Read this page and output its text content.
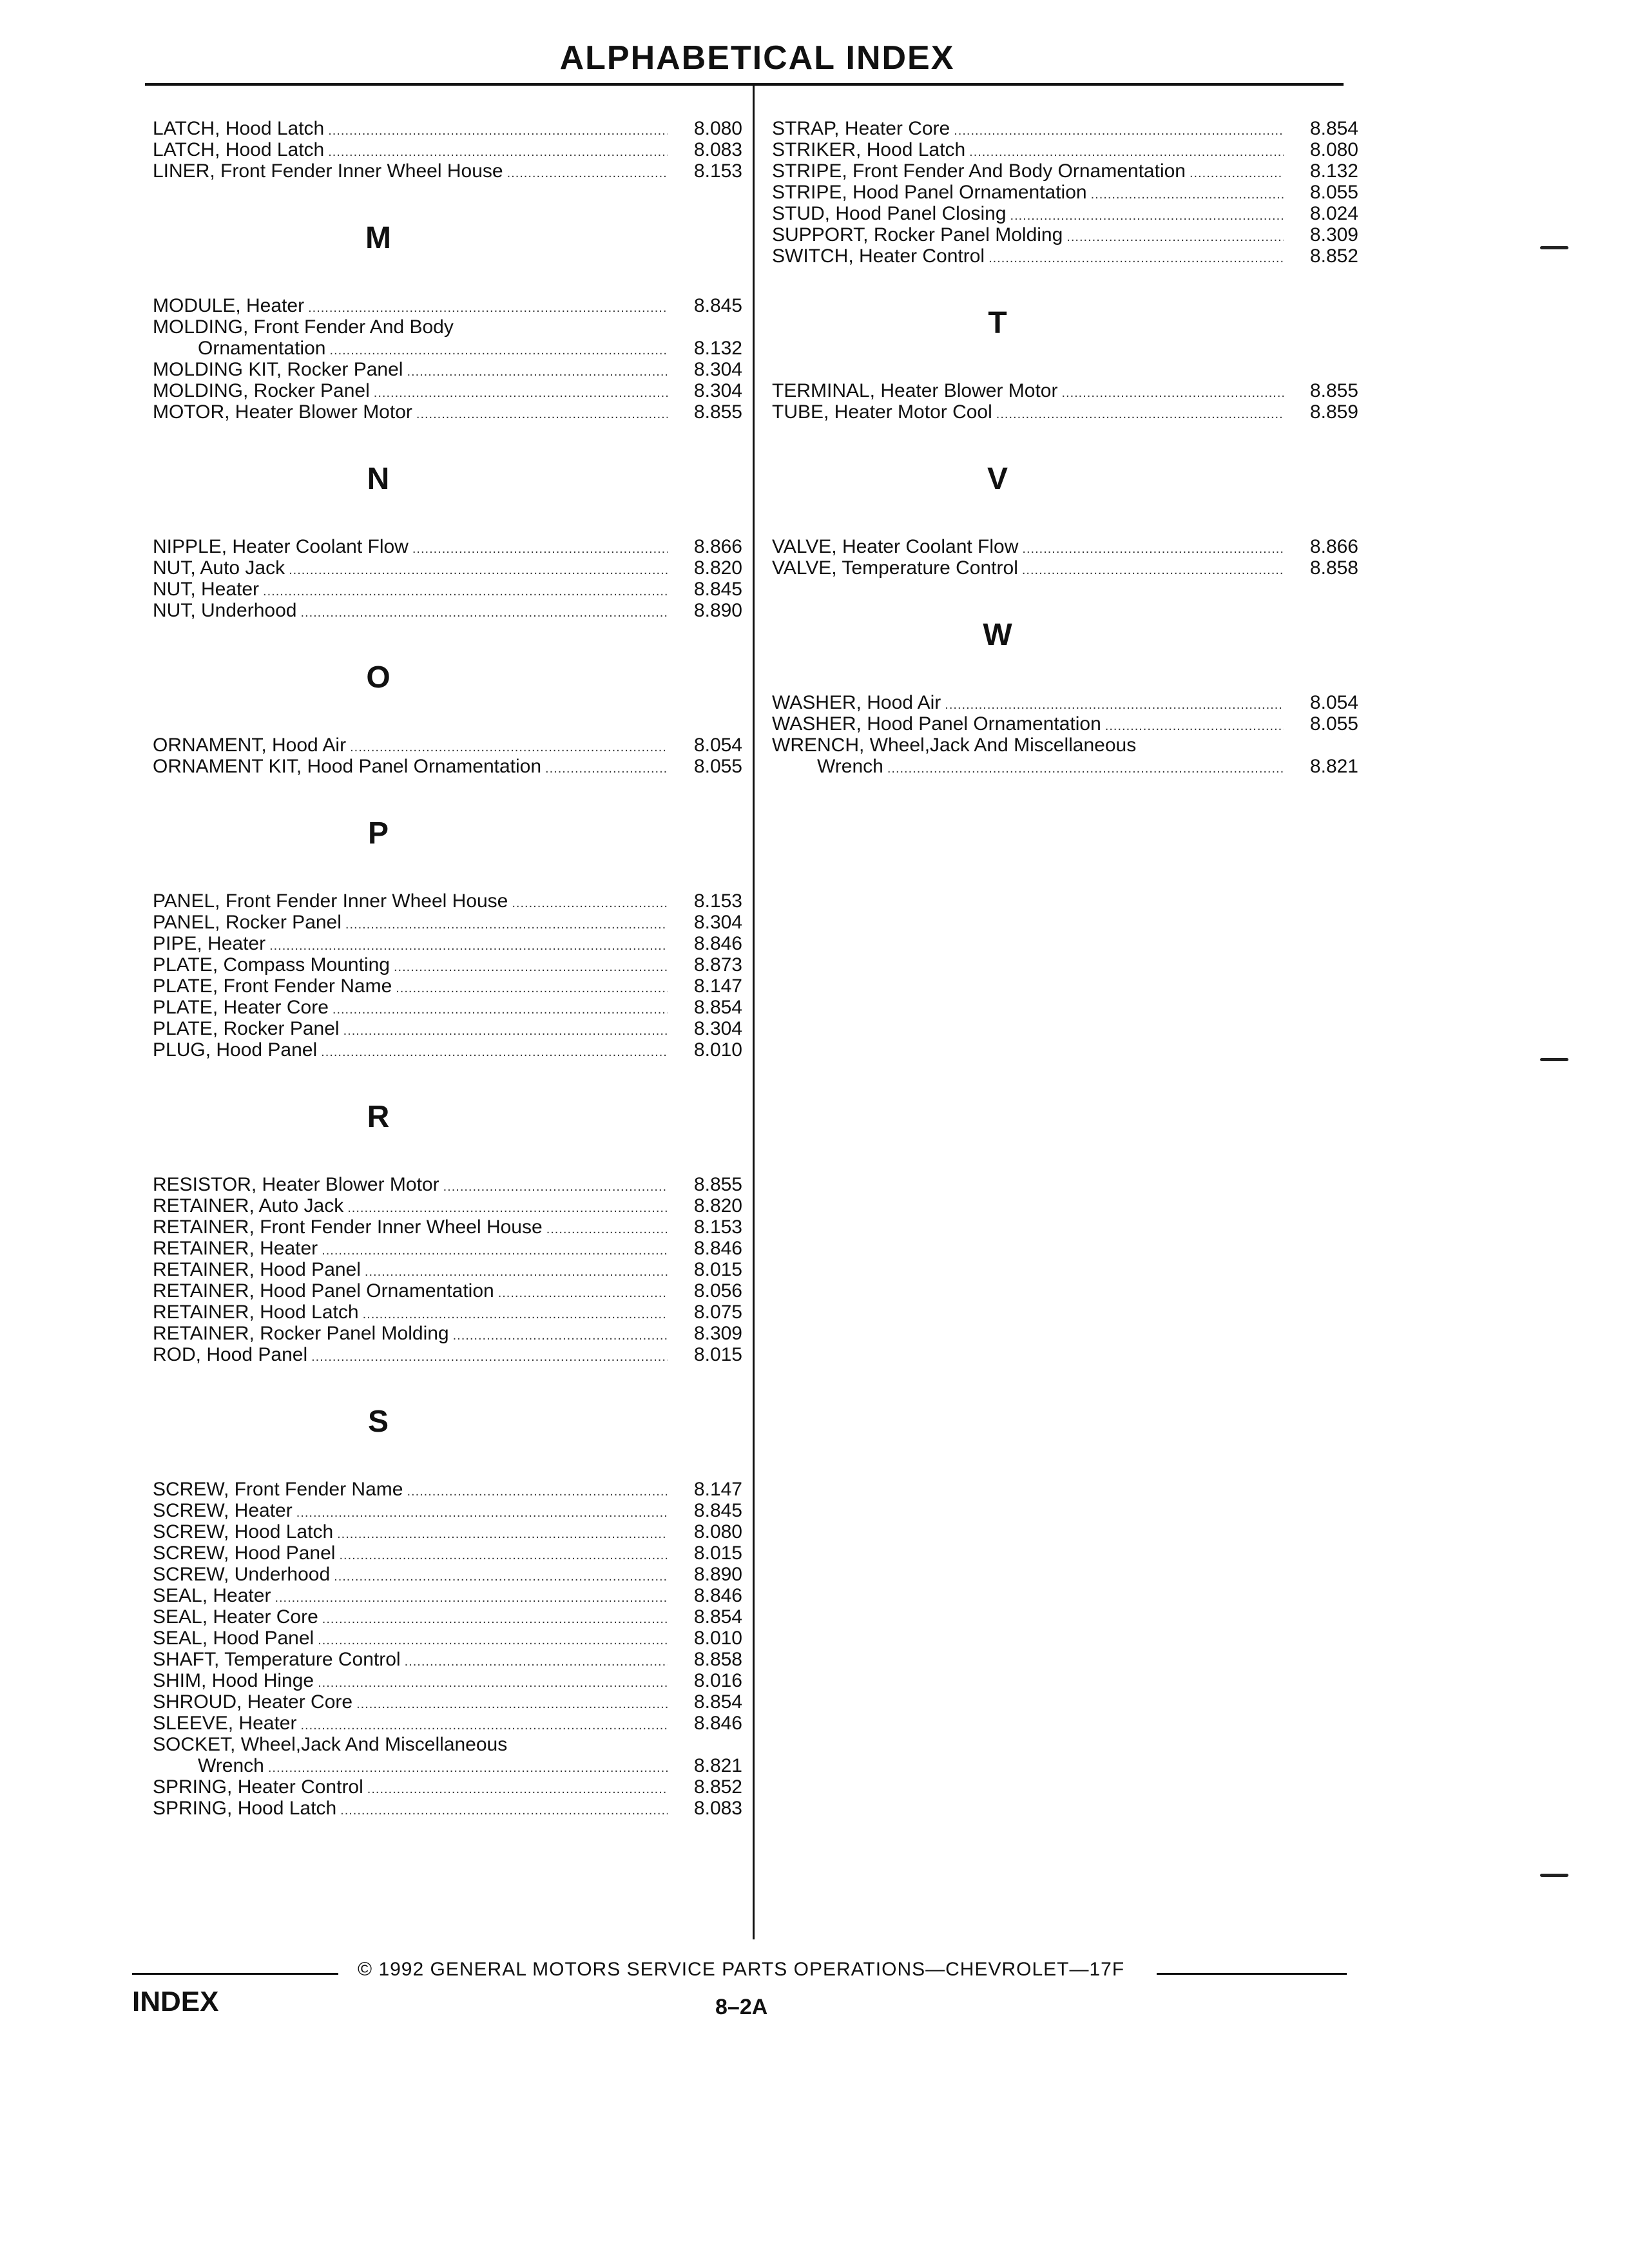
ALPHABETICAL INDEX
LATCH, Hood Latch .....	8.080
LATCH, Hood Latch .....	8.083
LINER, Front Fender Inner Wheel House .....	8.153
M
MODULE, Heater .....	8.845
MOLDING, Front Fender And Body
Ornamentation .....	8.132
MOLDING KIT, Rocker Panel .....	8.304
MOLDING, Rocker Panel .....	8.304
MOTOR, Heater Blower Motor .....	8.855
N
NIPPLE, Heater Coolant Flow .....	8.866
NUT, Auto Jack .....	8.820
NUT, Heater .....	8.845
NUT, Underhood .....	8.890
O
ORNAMENT, Hood Air .....	8.054
ORNAMENT KIT, Hood Panel Ornamentation .....	8.055
P
PANEL, Front Fender Inner Wheel House .....	8.153
PANEL, Rocker Panel .....	8.304
PIPE, Heater .....	8.846
PLATE, Compass Mounting .....	8.873
PLATE, Front Fender Name .....	8.147
PLATE, Heater Core .....	8.854
PLATE, Rocker Panel .....	8.304
PLUG, Hood Panel .....	8.010
R
RESISTOR, Heater Blower Motor .....	8.855
RETAINER, Auto Jack .....	8.820
RETAINER, Front Fender Inner Wheel House .....	8.153
RETAINER, Heater .....	8.846
RETAINER, Hood Panel .....	8.015
RETAINER, Hood Panel Ornamentation .....	8.056
RETAINER, Hood Latch .....	8.075
RETAINER, Rocker Panel Molding .....	8.309
ROD, Hood Panel .....	8.015
S
SCREW, Front Fender Name .....	8.147
SCREW, Heater .....	8.845
SCREW, Hood Latch .....	8.080
SCREW, Hood Panel .....	8.015
SCREW, Underhood .....	8.890
SEAL, Heater .....	8.846
SEAL, Heater Core .....	8.854
SEAL, Hood Panel .....	8.010
SHAFT, Temperature Control .....	8.858
SHIM, Hood Hinge .....	8.016
SHROUD, Heater Core .....	8.854
SLEEVE, Heater .....	8.846
SOCKET, Wheel,Jack And Miscellaneous
Wrench .....	8.821
SPRING, Heater Control .....	8.852
SPRING, Hood Latch .....	8.083
STRAP, Heater Core .....	8.854
STRIKER, Hood Latch .....	8.080
STRIPE, Front Fender And Body Ornamentation .....	8.132
STRIPE, Hood Panel Ornamentation .....	8.055
STUD, Hood Panel Closing .....	8.024
SUPPORT, Rocker Panel Molding .....	8.309
SWITCH, Heater Control .....	8.852
T
TERMINAL, Heater Blower Motor .....	8.855
TUBE, Heater Motor Cool .....	8.859
V
VALVE, Heater Coolant Flow .....	8.866
VALVE, Temperature Control .....	8.858
W
WASHER, Hood Air .....	8.054
WASHER, Hood Panel Ornamentation .....	8.055
WRENCH, Wheel,Jack And Miscellaneous
Wrench .....	8.821
© 1992 GENERAL MOTORS SERVICE PARTS OPERATIONS—CHEVROLET—17F
INDEX	8–2A
